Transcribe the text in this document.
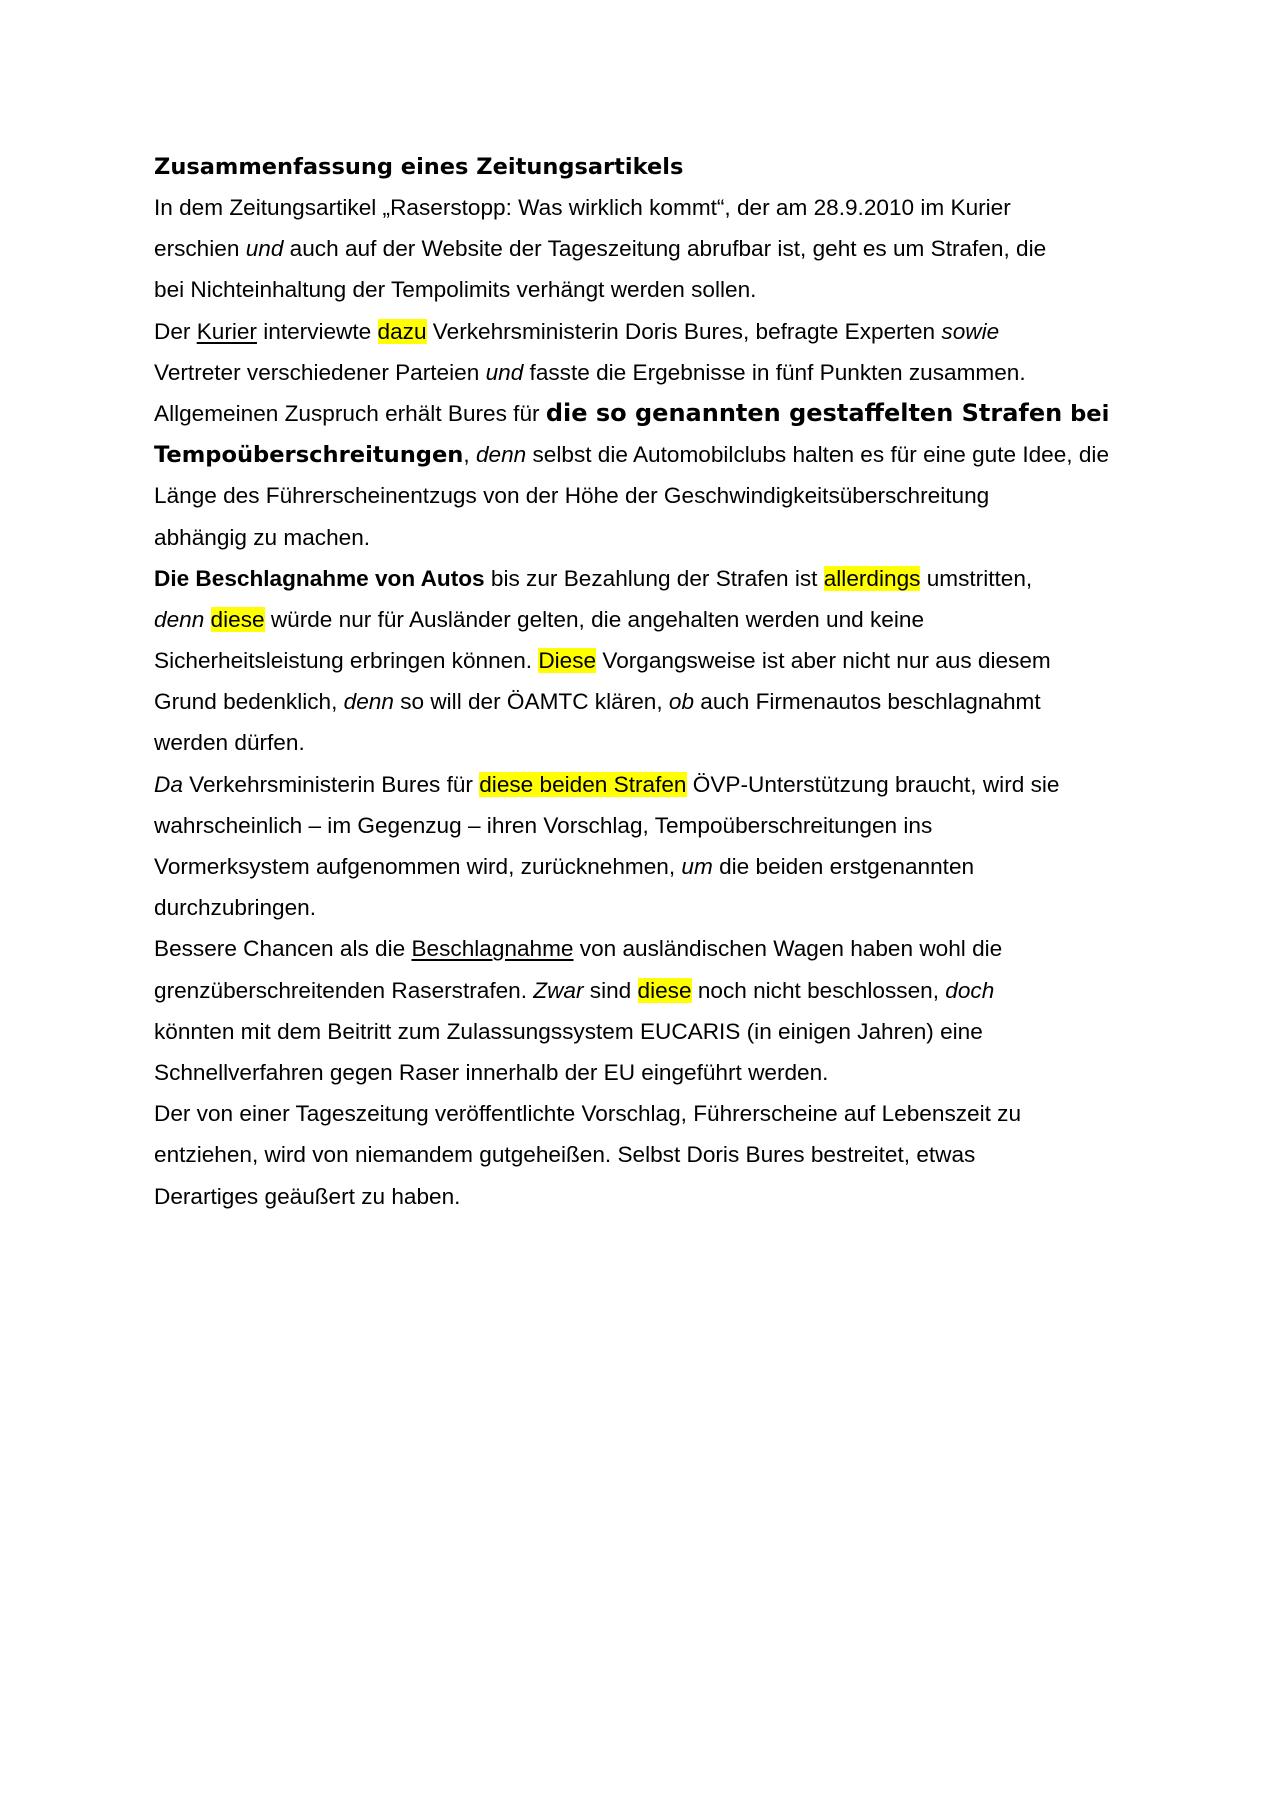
Zusammenfassung eines Zeitungsartikels
In dem Zeitungsartikel „Raserstopp: Was wirklich kommt“, der am 28.9.2010 im Kurier
erschien und auch auf der Website der Tageszeitung abrufbar ist, geht es um Strafen, die
bei Nichteinhaltung der Tempolimits verhängt werden sollen.
Der Kurier interviewte dazu Verkehrsministerin Doris Bures, befragte Experten sowie
Vertreter verschiedener Parteien und fasste die Ergebnisse in fünf Punkten zusammen.
Allgemeinen Zuspruch erhält Bures für die so genannten gestaffelten Strafen bei
Tempoüberschreitungen, denn selbst die Automobilclubs halten es für eine gute Idee, die
Länge des Führerscheinentzugs von der Höhe der Geschwindigkeitsüberschreitung
abhängig zu machen.
Die Beschlagnahme von Autos bis zur Bezahlung der Strafen ist allerdings umstritten,
denn diese würde nur für Ausländer gelten, die angehalten werden und keine
Sicherheitsleistung erbringen können. Diese Vorgangsweise ist aber nicht nur aus diesem
Grund bedenklich, denn so will der ÖAMTC klären, ob auch Firmenautos beschlagnahmt
werden dürfen.
Da Verkehrsministerin Bures für diese beiden Strafen ÖVP-Unterstützung braucht, wird sie
wahrscheinlich – im Gegenzug – ihren Vorschlag, Tempoüberschreitungen ins
Vormerksystem aufgenommen wird, zurücknehmen, um die beiden erstgenannten
durchzubringen.
Bessere Chancen als die Beschlagnahme von ausländischen Wagen haben wohl die
grenzüberschreitenden Raserstrafen. Zwar sind diese noch nicht beschlossen, doch
könnten mit dem Beitritt zum Zulassungssystem EUCARIS (in einigen Jahren) eine
Schnellverfahren gegen Raser innerhalb der EU eingeführt werden.
Der von einer Tageszeitung veröffentlichte Vorschlag, Führerscheine auf Lebenszeit zu
entziehen, wird von niemandem gutgeheißen. Selbst Doris Bures bestreitet, etwas
Derartiges geäußert zu haben.
